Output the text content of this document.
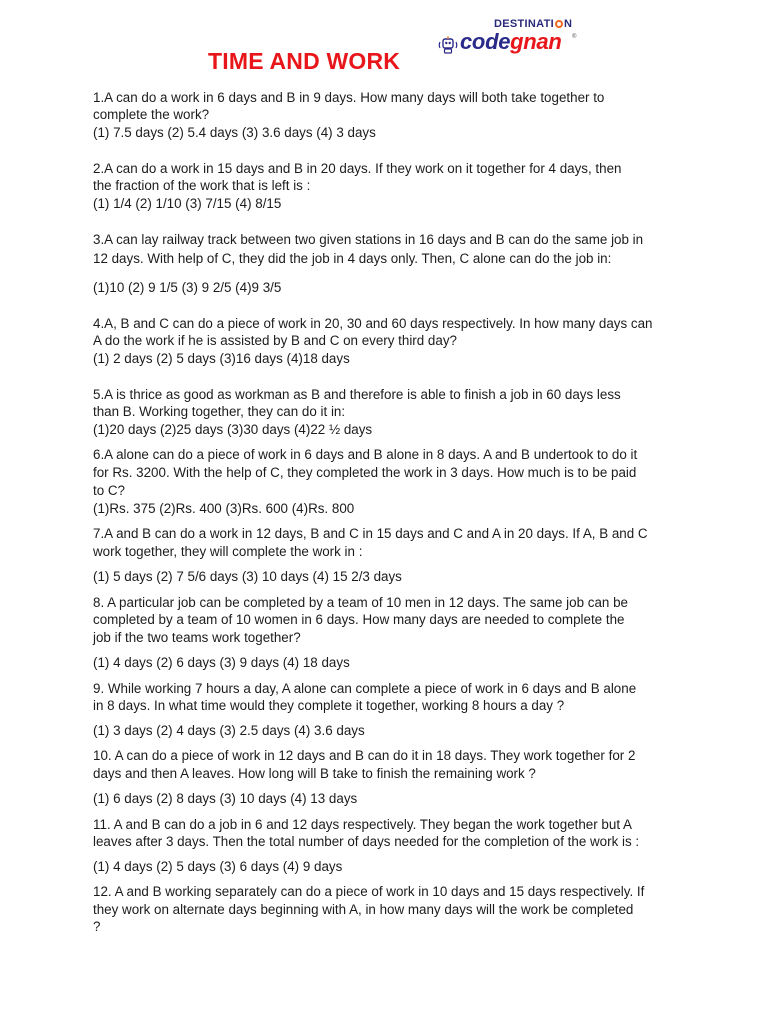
TIME AND WORK
DESTINATI N
codegnan ®
1.A can do a work in 6 days and B in 9 days. How many days will both take together to
complete the work?
(1) 7.5 days (2) 5.4 days (3) 3.6 days (4) 3 days
2.A can do a work in 15 days and B in 20 days. If they work on it together for 4 days, then
the fraction of the work that is left is :
(1) 1/4 (2) 1/10 (3) 7/15 (4) 8/15
3.A can lay railway track between two given stations in 16 days and B can do the same job in
12 days. With help of C, they did the job in 4 days only. Then, C alone can do the job in:
(1)10 (2) 9 1/5 (3) 9 2/5 (4)9 3/5
4.A, B and C can do a piece of work in 20, 30 and 60 days respectively. In how many days can
A do the work if he is assisted by B and C on every third day?
(1) 2 days (2) 5 days (3)16 days (4)18 days
5.A is thrice as good as workman as B and therefore is able to finish a job in 60 days less
than B. Working together, they can do it in:
(1)20 days (2)25 days (3)30 days (4)22 ½ days
6.A alone can do a piece of work in 6 days and B alone in 8 days. A and B undertook to do it
for Rs. 3200. With the help of C, they completed the work in 3 days. How much is to be paid
to C?
(1)Rs. 375 (2)Rs. 400 (3)Rs. 600 (4)Rs. 800
7.A and B can do a work in 12 days, B and C in 15 days and C and A in 20 days. If A, B and C
work together, they will complete the work in :
(1) 5 days (2) 7 5/6 days (3) 10 days (4) 15 2/3 days
8. A particular job can be completed by a team of 10 men in 12 days. The same job can be
completed by a team of 10 women in 6 days. How many days are needed to complete the
job if the two teams work together?
(1) 4 days (2) 6 days (3) 9 days (4) 18 days
9. While working 7 hours a day, A alone can complete a piece of work in 6 days and B alone
in 8 days. In what time would they complete it together, working 8 hours a day ?
(1) 3 days (2) 4 days (3) 2.5 days (4) 3.6 days
10. A can do a piece of work in 12 days and B can do it in 18 days. They work together for 2
days and then A leaves. How long will B take to finish the remaining work ?
(1) 6 days (2) 8 days (3) 10 days (4) 13 days
11. A and B can do a job in 6 and 12 days respectively. They began the work together but A
leaves after 3 days. Then the total number of days needed for the completion of the work is :
(1) 4 days (2) 5 days (3) 6 days (4) 9 days
12. A and B working separately can do a piece of work in 10 days and 15 days respectively. If
they work on alternate days beginning with A, in how many days will the work be completed
?
